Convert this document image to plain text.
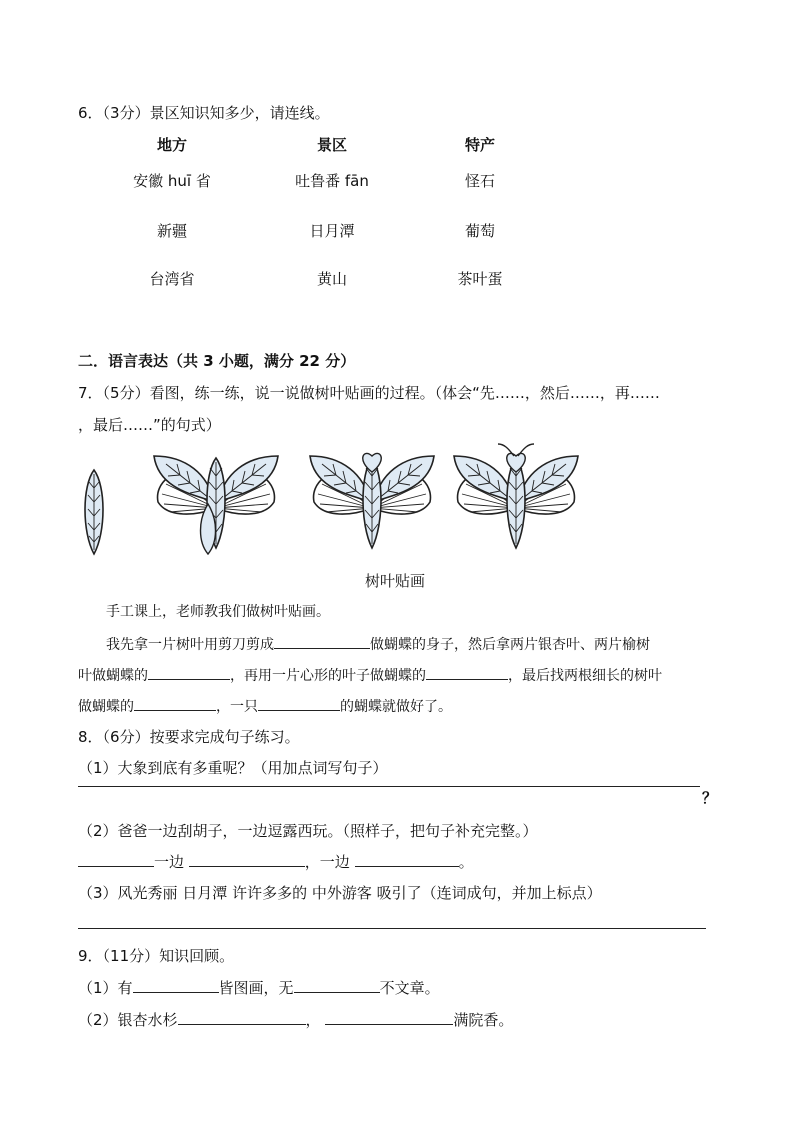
6．（3分）景区知识知多少，请连线。
地方	景区	特产
安徽 huī 省	吐鲁番 fān	怪石
新疆	日月潭	葡萄
台湾省	黄山	茶叶蛋
二．语言表达（共 3 小题，满分 22 分）
7．（5分）看图，练一练，说一说做树叶贴画的过程。（体会“先……，然后……，再……
，最后……”的句式）
树叶贴画
手工课上，老师教我们做树叶贴画。
我先拿一片树叶用剪刀剪成	做蝴蝶的身子，然后拿两片银杏叶、两片榆树
叶做蝴蝶的	，再用一片心形的叶子做蝴蝶的	，最后找两根细长的树叶
做蝴蝶的	，一只	的蝴蝶就做好了。
8．（6分）按要求完成句子练习。
（1）大象到底有多重呢？（用加点词写句子）
？
（2）爸爸一边刮胡子，一边逗露西玩。（照样子，把句子补充完整。）
一边	，一边	。
（3）风光秀丽 日月潭 许许多多的 中外游客 吸引了（连词成句，并加上标点）
9．（11分）知识回顾。
（1）有	皆图画，无	不文章。
（2）银杏水杉	，	满院香。
